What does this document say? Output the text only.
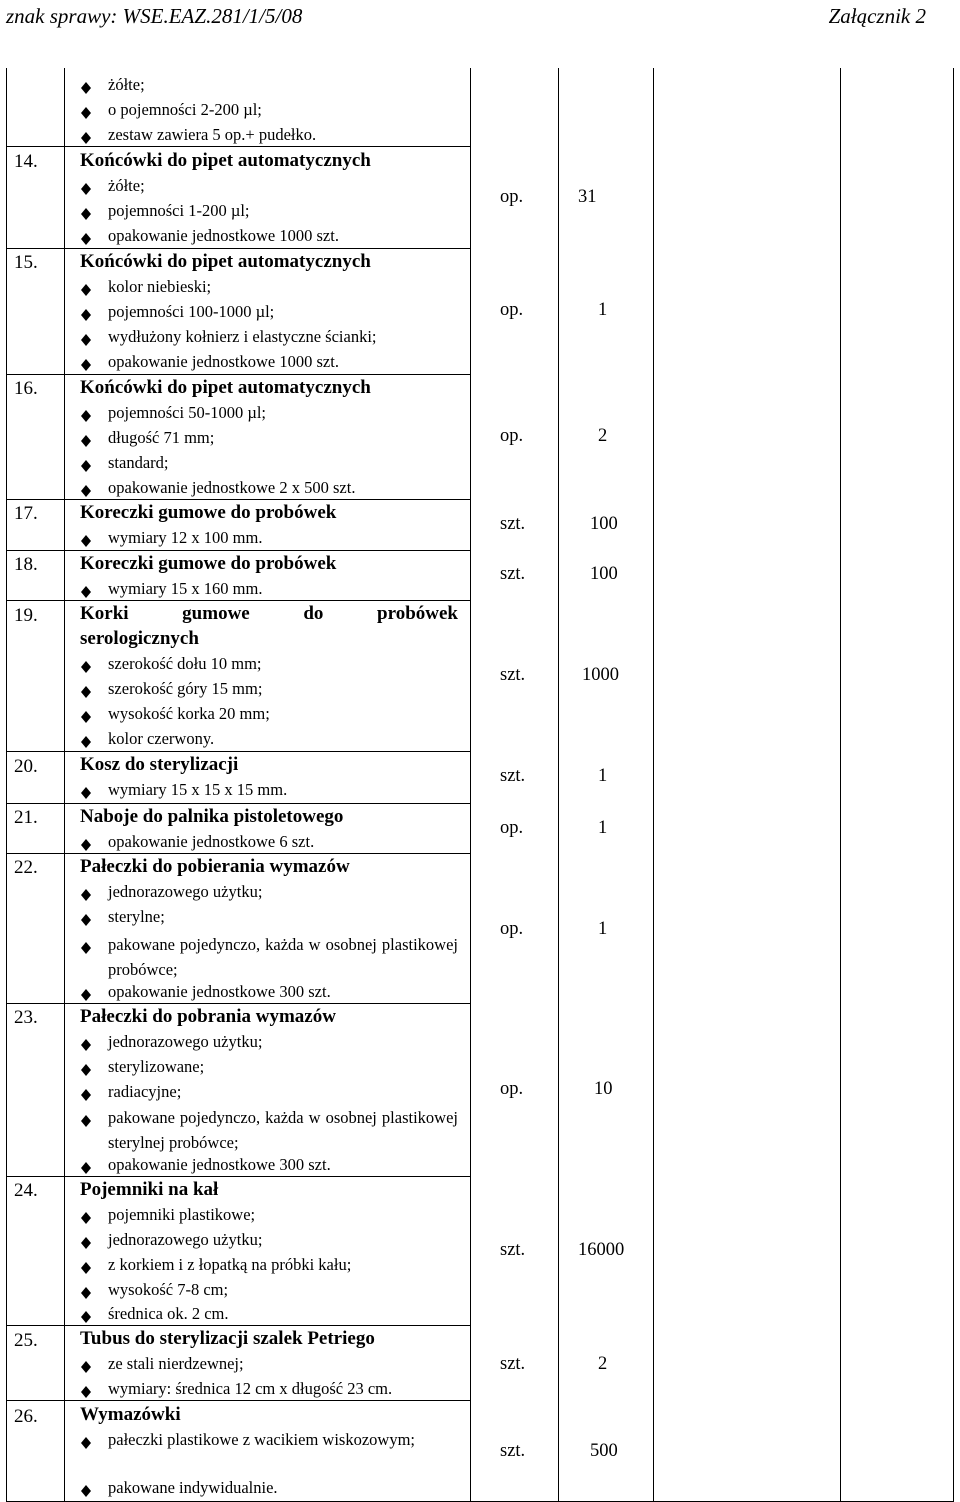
znak sprawy: WSE.EAZ.281/1/5/08	Załącznik 2
żółte;
o pojemności 2-200 µl;
zestaw zawiera 5 op.+ pudełko.
14. Końcówki do pipet automatycznych
żółte;
pojemności 1-200 µl;
opakowanie jednostkowe 1000 szt.
op.	31
15. Końcówki do pipet automatycznych
kolor niebieski;
pojemności 100-1000 µl;
wydłużony kołnierz i elastyczne ścianki;
opakowanie jednostkowe 1000 szt.
op.	1
16. Końcówki do pipet automatycznych
pojemności 50-1000 µl;
długość 71 mm;
standard;
opakowanie jednostkowe 2 x 500 szt.
op.	2
17. Koreczki gumowe do probówek
wymiary 12 x 100 mm.
szt.	100
18. Koreczki gumowe do probówek
wymiary 15 x 160 mm.
szt.	100
19. Korki gumowe do probówek
serologicznych
szerokość dołu 10 mm;
szerokość góry 15 mm;
wysokość korka 20 mm;
kolor czerwony.
szt.	1000
20. Kosz do sterylizacji
wymiary 15 x 15 x 15 mm.
szt.	1
21. Naboje do palnika pistoletowego
opakowanie jednostkowe 6 szt.
op.	1
22. Pałeczki do pobierania wymazów
jednorazowego użytku;
sterylne;
pakowane pojedynczo, każda w osobnej plastikowej probówce;
opakowanie jednostkowe 300 szt.
op.	1
23. Pałeczki do pobrania wymazów
jednorazowego użytku;
sterylizowane;
radiacyjne;
pakowane pojedynczo, każda w osobnej plastikowej sterylnej probówce;
opakowanie jednostkowe 300 szt.
op.	10
24. Pojemniki na kał
pojemniki plastikowe;
jednorazowego użytku;
z korkiem i z łopatką na próbki kału;
wysokość 7-8 cm;
średnica ok. 2 cm.
szt.	16000
25. Tubus do sterylizacji szalek Petriego
ze stali nierdzewnej;
wymiary: średnica 12 cm x długość 23 cm.
szt.	2
26. Wymazówki
pałeczki plastikowe z wacikiem wiskozowym;
pakowane indywidualnie.
szt.	500
